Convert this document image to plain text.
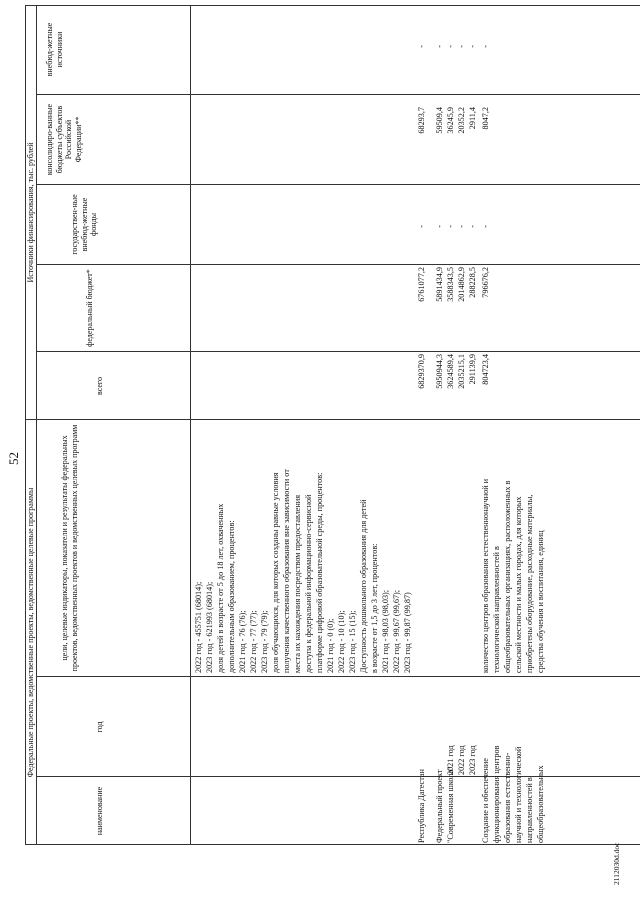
52
Федеральные проекты, ведомственные проекты, ведомственные целевые программы
Источники финансирования, тыс. рублей
наименование
год
цели, целевые индикаторы, показатели и результаты федеральных проектов, ведомственных проектов и ведомственных целевых программ
всего
федеральный бюджет*
государствен-ные внебюд-жетные фонды
консолидиро-ванные бюджеты субъектов Российской Федерации**
внебюд-жетные источники
2022 год - 455751 (68014); 2023 год - 621993 (68014); доля детей в возрасте от 5 до 18 лет, охваченных дополнительным образованием, процентов: 2021 год - 76 (76); 2022 год - 77 (77); 2023 год - 79 (79); доля обучающихся, для которых созданы равные условия получения качественного образования вне зависимости от места их нахождения посредством предоставления доступа к федеральной информационно-сервисной платформе цифровой образовательной среды, процентов: 2021 год - 0 (0); 2022 год - 10 (10); 2023 год - 15 (15); Доступность дошкольного образования для детей в возрасте от 1,5 до 3 лет, процентов: 2021 год - 98,03 (98,03); 2022 год - 99,67 (99,67); 2023 год - 99,87 (99,87)
Республика Дагестан
6829370,9
6761077,2
-
68293,7
-
Федеральный проект "Современная школа"
2021 год 2022 год 2023 год
5950944,3 3624589,4 2035215,1 291139,9
5891434,9 3588343,5 2014862,9 288228,5
- - - -
59509,4 36245,9 20352,2 2911,4
- - - -
Создание и обеспечение функционирования центров образования естественно- научной и технологической направленностей в общеобразовательных
количество центров образования естественнонаучной и технологической направленностей в общеобразовательных организациях, расположенных в сельской местности и малых городах, для которых приобретены оборудование, расходные материалы, средства обучения и воспитания, единиц
804723,4
796676,2
-
8047,2
-
2112030d.doc
